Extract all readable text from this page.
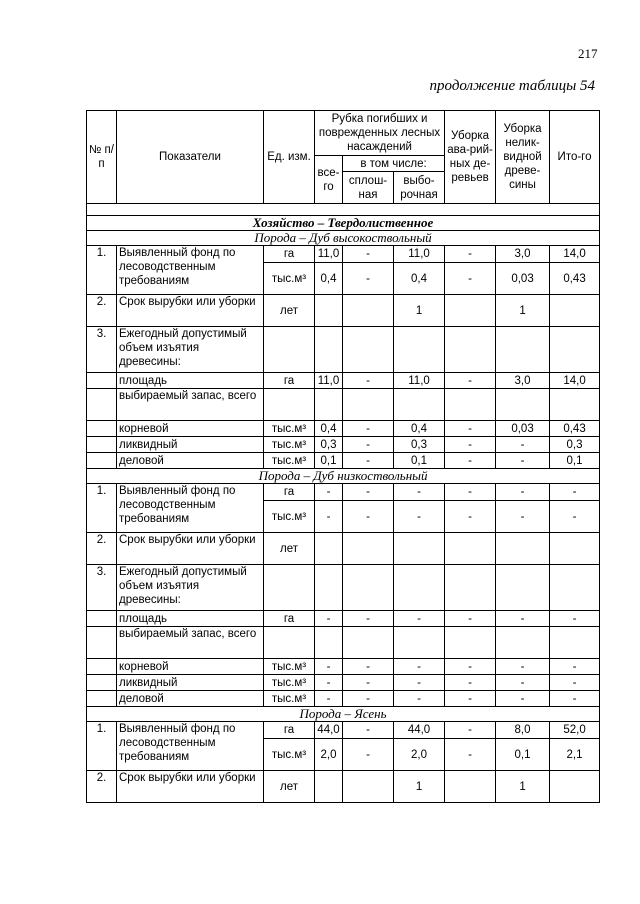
217
продолжение таблицы 54
№ п/п	Показатели	Ед. изм.	Рубка погибших и поврежденных лесных насаждений			Уборка ава-рий-ных де-ревьев	Уборка нелик-видной древе-сины	Ито-го
			все-го	в том числе:				
				сплош-ная	выбо-рочная			

Хозяйство – Твердолиственное								
Порода – Дуб высокоствольный								
1.	Выявленный фонд по лесоводственным требованиям	га	11,0	-	11,0	-	3,0	14,0
		тыс.м³	0,4	-	0,4	-	0,03	0,43
2.	Срок вырубки или уборки	лет			1		1	
3.	Ежегодный допустимый объем изъятия древесины:							
	площадь	га	11,0	-	11,0	-	3,0	14,0
	выбираемый запас, всего							
	корневой	тыс.м³	0,4	-	0,4	-	0,03	0,43
	ликвидный	тыс.м³	0,3	-	0,3	-	-	0,3
	деловой	тыс.м³	0,1	-	0,1	-	-	0,1
Порода – Дуб низкоствольный								
1.	Выявленный фонд по лесоводственным требованиям	га	-	-	-	-	-	-
		тыс.м³	-	-	-	-	-	-
2.	Срок вырубки или уборки	лет						
3.	Ежегодный допустимый объем изъятия древесины:							
	площадь	га	-	-	-	-	-	-
	выбираемый запас, всего							
	корневой	тыс.м³	-	-	-	-	-	-
	ликвидный	тыс.м³	-	-	-	-	-	-
	деловой	тыс.м³	-	-	-	-	-	-
Порода – Ясень								
1.	Выявленный фонд по лесоводственным требованиям	га	44,0	-	44,0	-	8,0	52,0
		тыс.м³	2,0	-	2,0	-	0,1	2,1
2.	Срок вырубки или уборки	лет			1		1	
